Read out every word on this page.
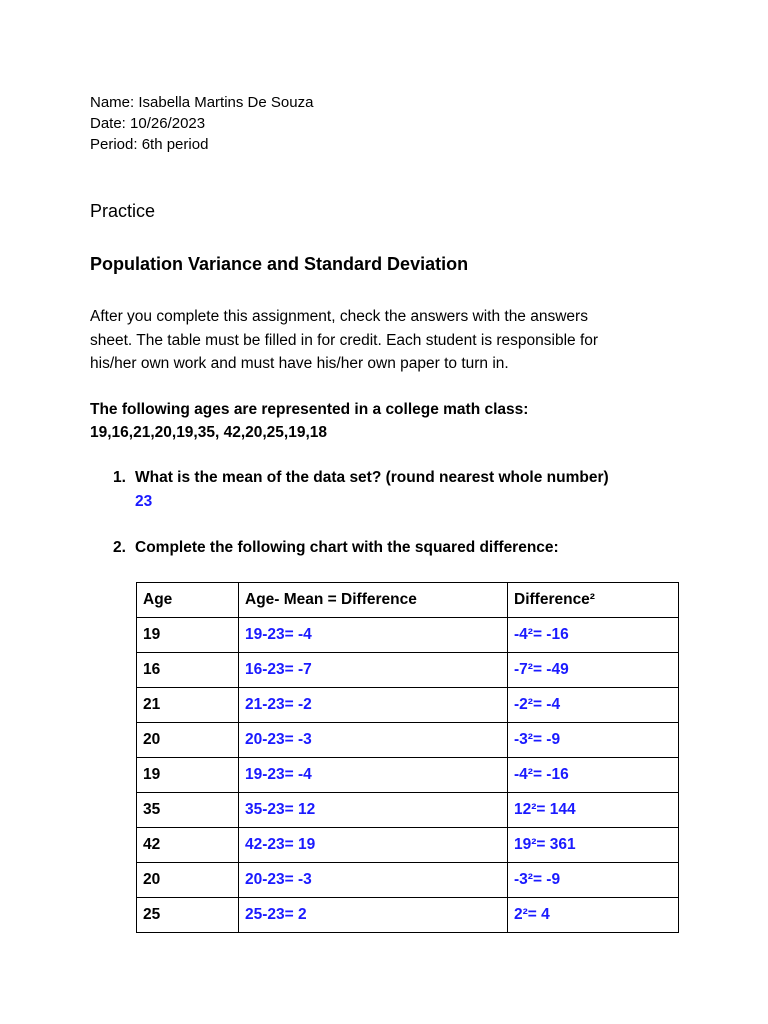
Name: Isabella Martins De Souza
Date: 10/26/2023
Period: 6th period
Practice
Population Variance and Standard Deviation
After you complete this assignment, check the answers with the answers
sheet. The table must be filled in for credit. Each student is responsible for
his/her own work and must have his/her own paper to turn in.
The following ages are represented in a college math class:
19,16,21,20,19,35, 42,20,25,19,18
1. What is the mean of the data set? (round nearest whole number)
23
2. Complete the following chart with the squared difference:
Age	Age- Mean = Difference	Difference²
19	19-23= -4	-4²= -16
16	16-23= -7	-7²= -49
21	21-23= -2	-2²= -4
20	20-23= -3	-3²= -9
19	19-23= -4	-4²= -16
35	35-23= 12	12²= 144
42	42-23= 19	19²= 361
20	20-23= -3	-3²= -9
25	25-23= 2	2²= 4
